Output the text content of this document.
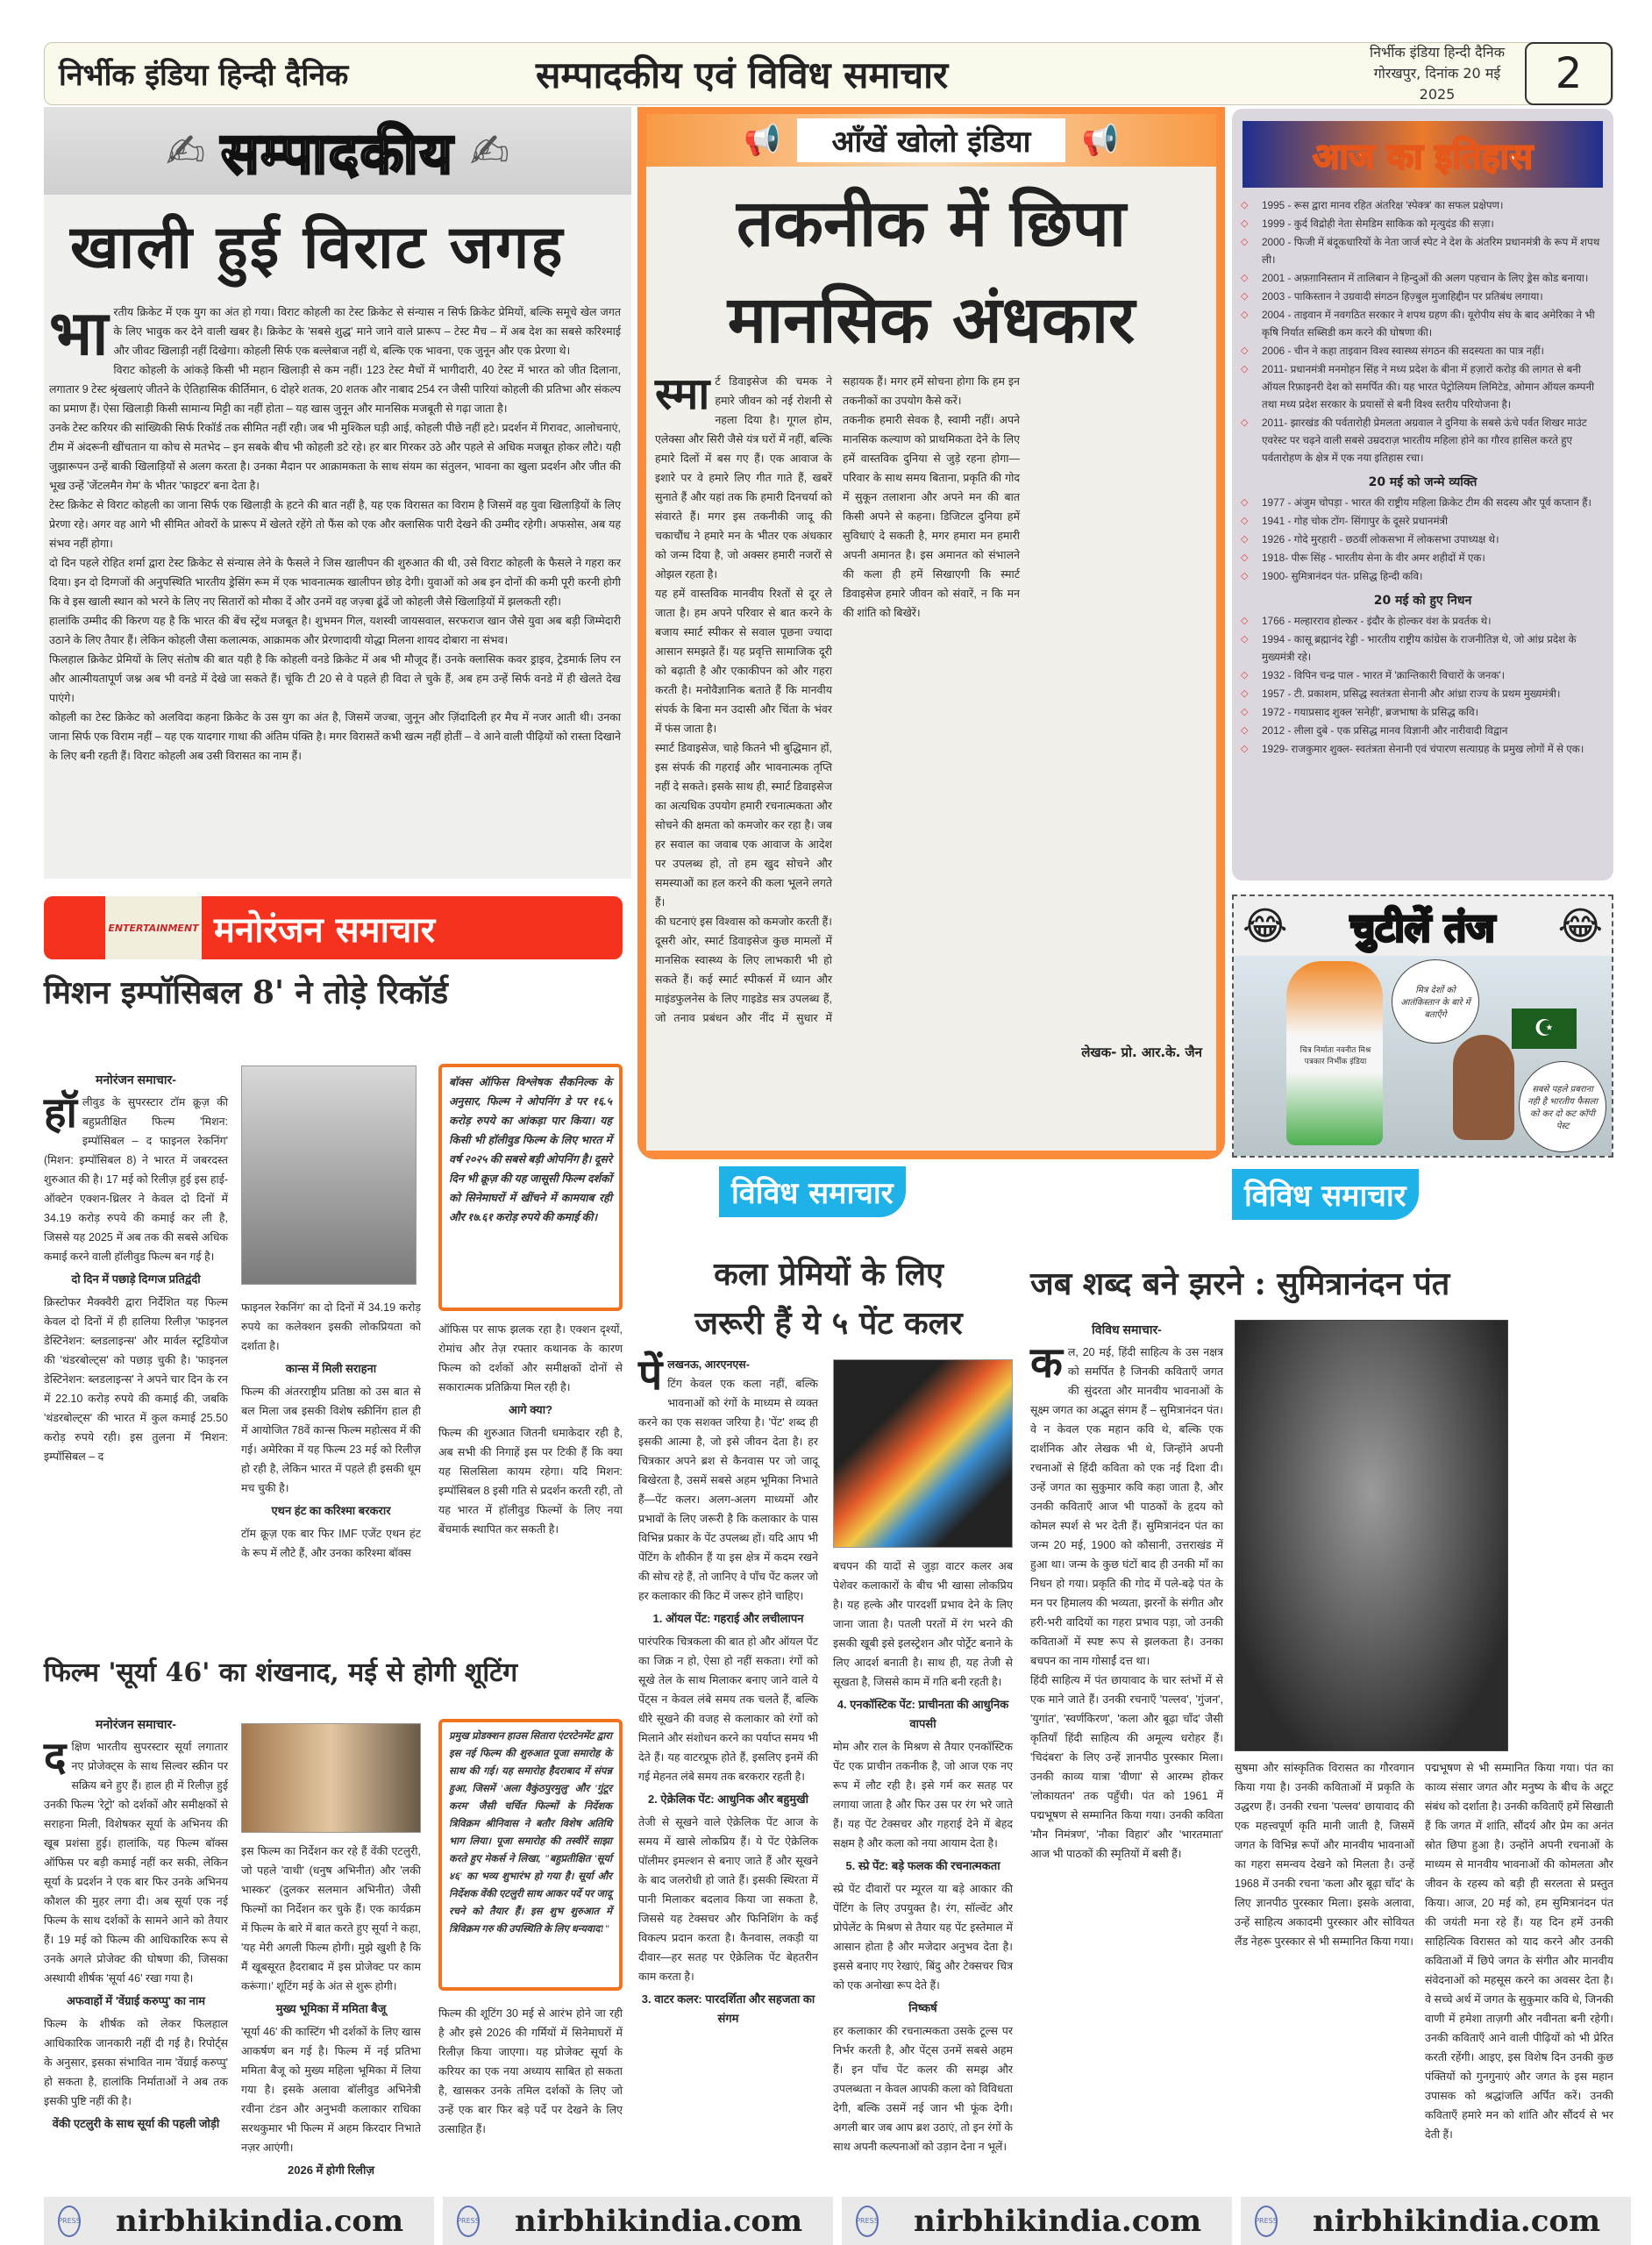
निर्भीक इंडिया हिन्दी दैनिक	सम्पादकीय एवं विविध समाचार
निर्भीक इंडिया हिन्दी दैनिक
गोरखपुर, दिनांक 20 मई 2025	2
✍ सम्पादकीय ✍
खाली हुई विराट जगह
भा रतीय क्रिकेट में एक युग का अंत हो गया। विराट कोहली का टेस्ट क्रिकेट से संन्यास न सिर्फ क्रिकेट प्रेमियों, बल्कि समूचे खेल जगत के लिए भावुक कर देने वाली खबर है। क्रिकेट के 'सबसे शुद्ध' माने जाने वाले प्रारूप – टेस्ट मैच – में अब देश का सबसे करिश्माई और जीवट खिलाड़ी नहीं दिखेगा। कोहली सिर्फ एक बल्लेबाज नहीं थे, बल्कि एक भावना, एक जुनून और एक प्रेरणा थे।

विराट कोहली के आंकड़े किसी भी महान खिलाड़ी से कम नहीं। 123 टेस्ट मैचों में भागीदारी, 40 टेस्ट में भारत को जीत दिलाना, लगातार 9 टेस्ट श्रृंखलाएं जीतने के ऐतिहासिक कीर्तिमान, 6 दोहरे शतक, 20 शतक और नाबाद 254 रन जैसी पारियां कोहली की प्रतिभा और संकल्प का प्रमाण हैं। ऐसा खिलाड़ी किसी सामान्य मिट्टी का नहीं होता – यह खास जुनून और मानसिक मजबूती से गढ़ा जाता है।

उनके टेस्ट करियर की सांख्यिकी सिर्फ रिकॉर्ड तक सीमित नहीं रही। जब भी मुश्किल घड़ी आई, कोहली पीछे नहीं हटे। प्रदर्शन में गिरावट, आलोचनाएं, टीम में अंदरूनी खींचतान या कोच से मतभेद – इन सबके बीच भी कोहली डटे रहे। हर बार गिरकर उठे और पहले से अधिक मजबूत होकर लौटे। यही जुझारूपन उन्हें बाकी खिलाड़ियों से अलग करता है। उनका मैदान पर आक्रामकता के साथ संयम का संतुलन, भावना का खुला प्रदर्शन और जीत की भूख उन्हें 'जेंटलमैन गेम' के भीतर 'फाइटर' बना देता है।

टेस्ट क्रिकेट से विराट कोहली का जाना सिर्फ एक खिलाड़ी के हटने की बात नहीं है, यह एक विरासत का विराम है जिसमें वह युवा खिलाड़ियों के लिए प्रेरणा रहे। अगर वह आगे भी सीमित ओवरों के प्रारूप में खेलते रहेंगे तो फैंस को एक और क्लासिक पारी देखने की उम्मीद रहेगी। अफसोस, अब यह संभव नहीं होगा।

दो दिन पहले रोहित शर्मा द्वारा टेस्ट क्रिकेट से संन्यास लेने के फैसले ने जिस खालीपन की शुरुआत की थी, उसे विराट कोहली के फैसले ने गहरा कर दिया। इन दो दिग्गजों की अनुपस्थिति भारतीय ड्रेसिंग रूम में एक भावनात्मक खालीपन छोड़ देगी। युवाओं को अब इन दोनों की कमी पूरी करनी होगी कि वे इस खाली स्थान को भरने के लिए नए सितारों को मौका दें और उनमें वह जज़्बा ढूंढें जो कोहली जैसे खिलाड़ियों में झलकती रही।

हालांकि उम्मीद की किरण यह है कि भारत की बेंच स्ट्रेंथ मजबूत है। शुभमन गिल, यशस्वी जायसवाल, सरफराज खान जैसे युवा अब बड़ी जिम्मेदारी उठाने के लिए तैयार हैं। लेकिन कोहली जैसा कलात्मक, आक्रामक और प्रेरणादायी योद्धा मिलना शायद दोबारा ना संभव।

फिलहाल क्रिकेट प्रेमियों के लिए संतोष की बात यही है कि कोहली वनडे क्रिकेट में अब भी मौजूद हैं। उनके क्लासिक कवर ड्राइव, ट्रेडमार्क लिप रन और आत्मीयतापूर्ण जश्न अब भी वनडे में देखे जा सकते हैं। चूंकि टी 20 से वे पहले ही विदा ले चुके हैं, अब हम उन्हें सिर्फ वनडे में ही खेलते देख पाएंगे।

कोहली का टेस्ट क्रिकेट को अलविदा कहना क्रिकेट के उस युग का अंत है, जिसमें जज्बा, जुनून और ज़िंदादिली हर मैच में नजर आती थी। उनका जाना सिर्फ एक विराम नहीं – यह एक यादगार गाथा की अंतिम पंक्ति है। मगर विरासतें कभी खत्म नहीं होतीं – वे आने वाली पीढ़ियों को रास्ता दिखाने के लिए बनी रहती हैं। विराट कोहली अब उसी विरासत का नाम हैं।

📢	आँखें खोलो इंडिया	📢
तकनीक में छिपा
मानसिक अंधकार
स्मा र्ट डिवाइसेज की चमक ने हमारे जीवन को नई रोशनी से नहला दिया है। गूगल होम, एलेक्सा और सिरी जैसे यंत्र घरों में नहीं, बल्कि हमारे दिलों में बस गए हैं। एक आवाज के इशारे पर वे हमारे लिए गीत गाते हैं, खबरें सुनाते हैं और यहां तक कि हमारी दिनचर्या को संवारते हैं। मगर इस तकनीकी जादू की चकाचौंध ने हमारे मन के भीतर एक अंधकार को जन्म दिया है, जो अक्सर हमारी नजरों से ओझल रहता है।

यह हमें वास्तविक मानवीय रिश्तों से दूर ले जाता है। हम अपने परिवार से बात करने के बजाय स्मार्ट स्पीकर से सवाल पूछना ज्यादा आसान समझते हैं। यह प्रवृत्ति सामाजिक दूरी को बढ़ाती है और एकाकीपन को और गहरा करती है। मनोवैज्ञानिक बताते हैं कि मानवीय संपर्क के बिना मन उदासी और चिंता के भंवर में फंस जाता है।

स्मार्ट डिवाइसेज, चाहे कितने भी बुद्धिमान हों, इस संपर्क की गहराई और भावनात्मक तृप्ति नहीं दे सकते। इसके साथ ही, स्मार्ट डिवाइसेज का अत्यधिक उपयोग हमारी रचनात्मकता और सोचने की क्षमता को कमजोर कर रहा है। जब हर सवाल का जवाब एक आवाज के आदेश पर उपलब्ध हो, तो हम खुद सोचने और समस्याओं का हल करने की कला भूलने लगते हैं।

की घटनाएं इस विश्वास को कमजोर करती हैं। दूसरी ओर, स्मार्ट डिवाइसेज कुछ मामलों में मानसिक स्वास्थ्य के लिए लाभकारी भी हो सकते हैं। कई स्मार्ट स्पीकर्स में ध्यान और माइंडफुलनेस के लिए गाइडेड सत्र उपलब्ध हैं, जो तनाव प्रबंधन और नींद में सुधार में सहायक हैं। मगर हमें सोचना होगा कि हम इन तकनीकों का उपयोग कैसे करें।

तकनीक हमारी सेवक है, स्वामी नहीं। अपने मानसिक कल्याण को प्राथमिकता देने के लिए हमें वास्तविक दुनिया से जुड़े रहना होगा—परिवार के साथ समय बिताना, प्रकृति की गोद में सुकून तलाशना और अपने मन की बात किसी अपने से कहना। डिजिटल दुनिया हमें सुविधाएं दे सकती है, मगर हमारा मन हमारी अपनी अमानत है। इस अमानत को संभालने की कला ही हमें सिखाएगी कि स्मार्ट डिवाइसेज हमारे जीवन को संवारें, न कि मन की शांति को बिखेरें।

लेखक- प्रो. आर.के. जैन
आज का इतिहास
◇ 1995 - रूस द्वारा मानव रहित अंतरिक्ष 'स्पेक्त्र' का सफल प्रक्षेपण।
◇ 1999 - कुर्द विद्रोही नेता सेमडिम साकिक को मृत्युदंड की सज़ा।
◇ 2000 - फिजी में बंदूकधारियों के नेता जार्ज स्पेट ने देश के अंतरिम प्रधानमंत्री के रूप में शपथ ली।
◇ 2001 - अफ़ग़ानिस्तान में तालिबान ने हिन्दुओं की अलग पहचान के लिए ड्रेस कोड बनाया।
◇ 2003 - पाकिस्तान ने उग्रवादी संगठन हिज़्बुल मुजाहिद्दीन पर प्रतिबंध लगाया।
◇ 2004 - ताइवान में नवगठित सरकार ने शपथ ग्रहण की। यूरोपीय संघ के बाद अमेरिका ने भी कृषि निर्यात सब्सिडी कम करने की घोषणा की।
◇ 2006 - चीन ने कहा ताइवान विश्व स्वास्थ्य संगठन की सदस्यता का पात्र नहीं।
◇ 2011- प्रधानमंत्री मनमोहन सिंह ने मध्य प्रदेश के बीना में हज़ारों करोड़ की लागत से बनी ऑयल रिफ़ाइनरी देश को समर्पित की। यह भारत पेट्रोलियम लिमिटेड, ओमान ऑयल कम्पनी तथा मध्य प्रदेश सरकार के प्रयासों से बनी विश्व स्तरीय परियोजना है।
◇ 2011- झारखंड की पर्वतारोही प्रेमलता अग्रवाल ने दुनिया के सबसे ऊंचे पर्वत शिखर माउंट एवरेस्ट पर चढ़ने वाली सबसे उम्रदराज़ भारतीय महिला होने का गौरव हासिल करते हुए पर्वतारोहण के क्षेत्र में एक नया इतिहास रचा।
20 मई को जन्मे व्यक्ति
◇ 1977 - अंजुम चोपड़ा - भारत की राष्ट्रीय महिला क्रिकेट टीम की सदस्य और पूर्व कप्तान हैं।
◇ 1941 - गोह चोक टोंग- सिंगापुर के दूसरे प्रधानमंत्री
◇ 1926 - गोदे मुरहारी - छठवीं लोकसभा में लोकसभा उपाध्यक्ष थे।
◇ 1918- पीरू सिंह - भारतीय सेना के वीर अमर शहीदों में एक।
◇ 1900- सुमित्रानंदन पंत- प्रसिद्ध हिन्दी कवि।
20 मई को हुए निधन
◇ 1766 - मल्हारराव होल्कर - इंदौर के होल्कर वंश के प्रवर्तक थे।
◇ 1994 - कासू ब्रह्मानंद रेड्डी - भारतीय राष्ट्रीय कांग्रेस के राजनीतिज्ञ थे, जो आंध्र प्रदेश के मुख्यमंत्री रहे।
◇ 1932 - विपिन चन्द्र पाल - भारत में 'क्रान्तिकारी विचारों के जनक'।
◇ 1957 - टी. प्रकाशम, प्रसिद्ध स्वतंत्रता सेनानी और आंध्रा राज्य के प्रथम मुख्यमंत्री।
◇ 1972 - गयाप्रसाद शुक्ल 'सनेही', ब्रजभाषा के प्रसिद्ध कवि।
◇ 2012 - लीला दुबे - एक प्रसिद्ध मानव विज्ञानी और नारीवादी विद्वान
◇ 1929- राजकुमार शुक्ल- स्वतंत्रता सेनानी एवं चंपारण सत्याग्रह के प्रमुख लोगों में से एक।
😂 चुटीलें तंज 😂
चित्र निर्माता नवनीत मिश्र पत्रकार निर्भीक इंडिया
मित्र देशों को आतंकिस्तान के बारे में बताएँगे
☪
सबसे पहले प्रबराना नही है भारतीय फैसला को कर दो कट कॉपी पेस्ट
ENTERTAINMENT मनोरंजन समाचार
मिशन इम्पॉसिबल 8' ने तोड़े रिकॉर्ड
मनोरंजन समाचार-
हॉ लीवुड के सुपरस्टार टॉम क्रूज़ की बहुप्रतीक्षित फिल्म 'मिशन: इम्पॉसिबल – द फाइनल रेकनिंग' (मिशन: इम्पॉसिबल 8) ने भारत में जबरदस्त शुरुआत की है। 17 मई को रिलीज़ हुई इस हाई-ऑक्टेन एक्शन-थ्रिलर ने केवल दो दिनों में 34.19 करोड़ रुपये की कमाई कर ली है, जिससे यह 2025 में अब तक की सबसे अधिक कमाई करने वाली हॉलीवुड फिल्म बन गई है।

दो दिन में पछाड़े दिग्गज प्रतिद्वंदी

क्रिस्टोफर मैक्क्वैरी द्वारा निर्देशित यह फिल्म केवल दो दिनों में ही हालिया रिलीज़ 'फाइनल डेस्टिनेशन: ब्लडलाइन्स' और मार्वल स्टूडियोज की 'थंडरबोल्ट्स' को पछाड़ चुकी है। 'फाइनल डेस्टिनेशन: ब्लडलाइन्स' ने अपने चार दिन के रन में 22.10 करोड़ रुपये की कमाई की, जबकि 'थंडरबोल्ट्स' की भारत में कुल कमाई 25.50 करोड़ रुपये रही। इस तुलना में 'मिशन: इम्पॉसिबल – द

फाइनल रेकनिंग' का दो दिनों में 34.19 करोड़ रुपये का कलेक्शन इसकी लोकप्रियता को दर्शाता है।

कान्स में मिली सराहना

फिल्म की अंतरराष्ट्रीय प्रतिष्ठा को उस बात से बल मिला जब इसकी विशेष स्क्रीनिंग हाल ही में आयोजित 78वें कान्स फिल्म महोत्सव में की गई। अमेरिका में यह फिल्म 23 मई को रिलीज़ हो रही है, लेकिन भारत में पहले ही इसकी धूम मच चुकी है।

एथन हंट का करिश्मा बरकरार

टॉम क्रूज़ एक बार फिर IMF एजेंट एथन हंट के रूप में लौटे हैं, और उनका करिश्मा बॉक्स

बॉक्स ऑफिस विश्लेषक सैकनिल्क के अनुसार, फिल्म ने ओपनिंग डे पर १६.५ करोड़ रुपये का आंकड़ा पार किया। यह किसी भी हॉलीवुड फिल्म के लिए भारत में वर्ष २०२५ की सबसे बड़ी ओपनिंग है। दूसरे दिन भी क्रूज़ की यह जासूसी फिल्म दर्शकों को सिनेमाघरों में खींचने में कामयाब रही और १७.६१ करोड़ रुपये की कमाई की।

ऑफिस पर साफ झलक रहा है। एक्शन दृश्यों, रोमांच और तेज़ रफ्तार कथानक के कारण फिल्म को दर्शकों और समीक्षकों दोनों से सकारात्मक प्रतिक्रिया मिल रही है।

आगे क्या?

फिल्म की शुरुआत जितनी धमाकेदार रही है, अब सभी की निगाहें इस पर टिकी हैं कि क्या यह सिलसिला कायम रहेगा। यदि मिशन: इम्पॉसिबल 8 इसी गति से प्रदर्शन करती रही, तो यह भारत में हॉलीवुड फिल्मों के लिए नया बेंचमार्क स्थापित कर सकती है।

फिल्म 'सूर्या 46' का शंखनाद, मई से होगी शूटिंग
मनोरंजन समाचार-
द क्षिण भारतीय सुपरस्टार सूर्या लगातार नए प्रोजेक्ट्स के साथ सिल्वर स्क्रीन पर सक्रिय बने हुए हैं। हाल ही में रिलीज़ हुई उनकी फिल्म 'रेट्रो' को दर्शकों और समीक्षकों से सराहना मिली, विशेषकर सूर्या के अभिनय की खूब प्रशंसा हुई। हालांकि, यह फिल्म बॉक्स ऑफिस पर बड़ी कमाई नहीं कर सकी, लेकिन सूर्या के प्रदर्शन ने एक बार फिर उनके अभिनय कौशल की मुहर लगा दी। अब सूर्या एक नई फिल्म के साथ दर्शकों के सामने आने को तैयार हैं। 19 मई को फिल्म की आधिकारिक रूप से उनके अगले प्रोजेक्ट की घोषणा की, जिसका अस्थायी शीर्षक 'सूर्या 46' रखा गया है।

अफवाहों में 'वेंग्राई करुप्पु' का नाम

फिल्म के शीर्षक को लेकर फिलहाल आधिकारिक जानकारी नहीं दी गई है। रिपोर्ट्स के अनुसार, इसका संभावित नाम 'वेंग्राई करुप्पु' हो सकता है, हालांकि निर्माताओं ने अब तक इसकी पुष्टि नहीं की है।

वेंकी एटलुरी के साथ सूर्या की पहली जोड़ी

इस फिल्म का निर्देशन कर रहे हैं वेंकी एटलुरी, जो पहले 'वाथी' (धनुष अभिनीत) और 'लकी भास्कर' (दुलकर सलमान अभिनीत) जैसी फिल्मों का निर्देशन कर चुके हैं। एक कार्यक्रम में फिल्म के बारे में बात करते हुए सूर्या ने कहा, 'यह मेरी अगली फिल्म होगी। मुझे खुशी है कि मैं खूबसूरत हैदराबाद में इस प्रोजेक्ट पर काम करूंगा।' शूटिंग मई के अंत से शुरू होगी।

मुख्य भूमिका में ममिता बैजू

'सूर्या 46' की कास्टिंग भी दर्शकों के लिए खास आकर्षण बन गई है। फिल्म में नई प्रतिभा ममिता बैजू को मुख्य महिला भूमिका में लिया गया है। इसके अलावा बॉलीवुड अभिनेत्री रवीना टंडन और अनुभवी कलाकार राधिका सरथकुमार भी फिल्म में अहम किरदार निभाते नज़र आएंगी।

2026 में होगी रिलीज़
प्रमुख प्रोडक्शन हाउस सितारा एंटरटेनमेंट द्वारा इस नई फिल्म की शुरुआत पूजा समारोह के साथ की गई। यह समारोह हैदराबाद में संपन्न हुआ, जिसमें 'अला वैकुंठपुरमुलु' और 'गुंटूर करम' जैसी चर्चित फिल्मों के निर्देशक त्रिविक्रम श्रीनिवास ने बतौर विशेष अतिथि भाग लिया। पूजा समारोह की तस्वीरें साझा करते हुए मेकर्स ने लिखा, "बहुप्रतीक्षित 'सूर्या ४६' का भव्य शुभारंभ हो गया है। सूर्या और निर्देशक वेंकी एटलुरी साथ आकर पर्दे पर जादू रचने को तैयार हैं। इस शुभ शुरुआत में त्रिविक्रम गरु की उपस्थिति के लिए धन्यवाद!"

फिल्म की शूटिंग 30 मई से आरंभ होने जा रही है और इसे 2026 की गर्मियों में सिनेमाघरों में रिलीज़ किया जाएगा। यह प्रोजेक्ट सूर्या के करियर का एक नया अध्याय साबित हो सकता है, खासकर उनके तमिल दर्शकों के लिए जो उन्हें एक बार फिर बड़े पर्दे पर देखने के लिए उत्साहित हैं।

विविध समाचार
कला प्रेमियों के लिए
जरूरी हैं ये ५ पेंट कलर
पें लखनऊ, आरएनएस-

टिंग केवल एक कला नहीं, बल्कि भावनाओं को रंगों के माध्यम से व्यक्त करने का एक सशक्त जरिया है। 'पेंट' शब्द ही इसकी आत्मा है, जो इसे जीवन देता है। हर चित्रकार अपने ब्रश से कैनवास पर जो जादू बिखेरता है, उसमें सबसे अहम भूमिका निभाते हैं—पेंट कलर। अलग-अलग माध्यमों और प्रभावों के लिए जरूरी है कि कलाकार के पास विभिन्न प्रकार के पेंट उपलब्ध हों। यदि आप भी पेंटिंग के शौकीन हैं या इस क्षेत्र में कदम रखने की सोच रहे हैं, तो जानिए वे पाँच पेंट कलर जो हर कलाकार की किट में जरूर होने चाहिए।

1. ऑयल पेंट: गहराई और लचीलापन

पारंपरिक चित्रकला की बात हो और ऑयल पेंट का जिक्र न हो, ऐसा हो नहीं सकता। रंगों को सूखे तेल के साथ मिलाकर बनाए जाने वाले ये पेंट्स न केवल लंबे समय तक चलते हैं, बल्कि धीरे सूखने की वजह से कलाकार को रंगों को मिलाने और संशोधन करने का पर्याप्त समय भी देते हैं। यह वाटरप्रूफ होते हैं, इसलिए इनमें की गई मेहनत लंबे समय तक बरकरार रहती है।

2. ऐक्रेलिक पेंट: आधुनिक और बहुमुखी

तेजी से सूखने वाले ऐक्रेलिक पेंट आज के समय में खासे लोकप्रिय हैं। ये पेंट ऐक्रेलिक पॉलीमर इमल्शन से बनाए जाते हैं और सूखने के बाद जलरोधी हो जाते हैं। इसकी स्थिरता में पानी मिलाकर बदलाव किया जा सकता है, जिससे यह टेक्सचर और फिनिशिंग के कई विकल्प प्रदान करता है। कैनवास, लकड़ी या दीवार—हर सतह पर ऐक्रेलिक पेंट बेहतरीन काम करता है।

3. वाटर कलर: पारदर्शिता और सहजता का संगम

बचपन की यादों से जुड़ा वाटर कलर अब पेशेवर कलाकारों के बीच भी खासा लोकप्रिय है। यह हल्के और पारदर्शी प्रभाव देने के लिए जाना जाता है। पतली परतों में रंग भरने की इसकी खूबी इसे इलस्ट्रेशन और पोर्ट्रेट बनाने के लिए आदर्श बनाती है। साथ ही, यह तेजी से सूखता है, जिससे काम में गति बनी रहती है।

4. एनकॉस्टिक पेंट: प्राचीनता की आधुनिक वापसी

मोम और राल के मिश्रण से तैयार एनकॉस्टिक पेंट एक प्राचीन तकनीक है, जो आज एक नए रूप में लौट रही है। इसे गर्म कर सतह पर लगाया जाता है और फिर उस पर रंग भरे जाते हैं। यह पेंट टेक्सचर और गहराई देने में बेहद सक्षम है और कला को नया आयाम देता है।

5. स्प्रे पेंट: बड़े फलक की रचनात्मकता

स्प्रे पेंट दीवारों पर म्यूरल या बड़े आकार की पेंटिंग के लिए उपयुक्त है। रंग, सॉल्वेंट और प्रोपेलेंट के मिश्रण से तैयार यह पेंट इस्तेमाल में आसान होता है और मजेदार अनुभव देता है। इससे बनाए गए रेखाएं, बिंदु और टेक्सचर चित्र को एक अनोखा रूप देते हैं।

निष्कर्ष

हर कलाकार की रचनात्मकता उसके टूल्स पर निर्भर करती है, और पेंट्स उनमें सबसे अहम हैं। इन पाँच पेंट कलर की समझ और उपलब्धता न केवल आपकी कला को विविधता देगी, बल्कि उसमें नई जान भी फूंक देगी। अगली बार जब आप ब्रश उठाएं, तो इन रंगों के साथ अपनी कल्पनाओं को उड़ान देना न भूलें।

विविध समाचार
जब शब्द बने झरने : सुमित्रानंदन पंत
विविध समाचार-
क ल, 20 मई, हिंदी साहित्य के उस नक्षत्र को समर्पित है जिनकी कविताएँ जगत की सुंदरता और मानवीय भावनाओं के सूक्ष्म जगत का अद्भुत संगम हैं – सुमित्रानंदन पंत। वे न केवल एक महान कवि थे, बल्कि एक दार्शनिक और लेखक भी थे, जिन्होंने अपनी रचनाओं से हिंदी कविता को एक नई दिशा दी। उन्हें जगत का सुकुमार कवि कहा जाता है, और उनकी कविताएँ आज भी पाठकों के हृदय को कोमल स्पर्श से भर देती हैं। सुमित्रानंदन पंत का जन्म 20 मई, 1900 को कौसानी, उत्तराखंड में हुआ था। जन्म के कुछ घंटों बाद ही उनकी माँ का निधन हो गया। प्रकृति की गोद में पले-बढ़े पंत के मन पर हिमालय की भव्यता, झरनों के संगीत और हरी-भरी वादियों का गहरा प्रभाव पड़ा, जो उनकी कविताओं में स्पष्ट रूप से झलकता है। उनका बचपन का नाम गोसाईं दत्त था।

हिंदी साहित्य में पंत छायावाद के चार स्तंभों में से एक माने जाते हैं। उनकी रचनाएँ 'पल्लव', 'गुंजन', 'युगांत', 'स्वर्णकिरण', 'कला और बूढ़ा चाँद' जैसी कृतियाँ हिंदी साहित्य की अमूल्य धरोहर हैं। 'चिदंबरा' के लिए उन्हें ज्ञानपीठ पुरस्कार मिला। उनकी काव्य यात्रा 'वीणा' से आरम्भ होकर 'लोकायतन' तक पहुँची। पंत को 1961 में पद्मभूषण से सम्मानित किया गया। उनकी कविता 'मौन निमंत्रण', 'नौका विहार' और 'भारतमाता' आज भी पाठकों की स्मृतियों में बसी हैं।

सुषमा और सांस्कृतिक विरासत का गौरवगान किया गया है। उनकी कविताओं में प्रकृति के उद्धरण हैं। उनकी रचना 'पल्लव' छायावाद की एक महत्त्वपूर्ण कृति मानी जाती है, जिसमें जगत के विभिन्न रूपों और मानवीय भावनाओं का गहरा समन्वय देखने को मिलता है। उन्हें 1968 में उनकी रचना 'कला और बूढ़ा चाँद' के लिए ज्ञानपीठ पुरस्कार मिला। इसके अलावा, उन्हें साहित्य अकादमी पुरस्कार और सोवियत लैंड नेहरू पुरस्कार से भी सम्मानित किया गया।

पद्मभूषण से भी सम्मानित किया गया। पंत का काव्य संसार जगत और मनुष्य के बीच के अटूट संबंध को दर्शाता है। उनकी कविताएँ हमें सिखाती हैं कि जगत में शांति, सौंदर्य और प्रेम का अनंत स्रोत छिपा हुआ है। उन्होंने अपनी रचनाओं के माध्यम से मानवीय भावनाओं की कोमलता और जीवन के रहस्य को बड़ी ही सरलता से प्रस्तुत किया। आज, 20 मई को, हम सुमित्रानंदन पंत की जयंती मना रहे हैं। यह दिन हमें उनकी साहित्यिक विरासत को याद करने और उनकी कविताओं में छिपे जगत के संगीत और मानवीय संवेदनाओं को महसूस करने का अवसर देता है। वे सच्चे अर्थ में जगत के सुकुमार कवि थे, जिनकी वाणी में हमेशा ताज़गी और नवीनता बनी रहेगी। उनकी कविताएँ आने वाली पीढ़ियों को भी प्रेरित करती रहेंगी। आइए, इस विशेष दिन उनकी कुछ पंक्तियों को गुनगुनाएं और जगत के इस महान उपासक को श्रद्धांजलि अर्पित करें। उनकी कविताएँ हमारे मन को शांति और सौंदर्य से भर देती हैं।

PRESS nirbhikindia.com	PRESS nirbhikindia.com	PRESS nirbhikindia.com	PRESS nirbhikindia.com
